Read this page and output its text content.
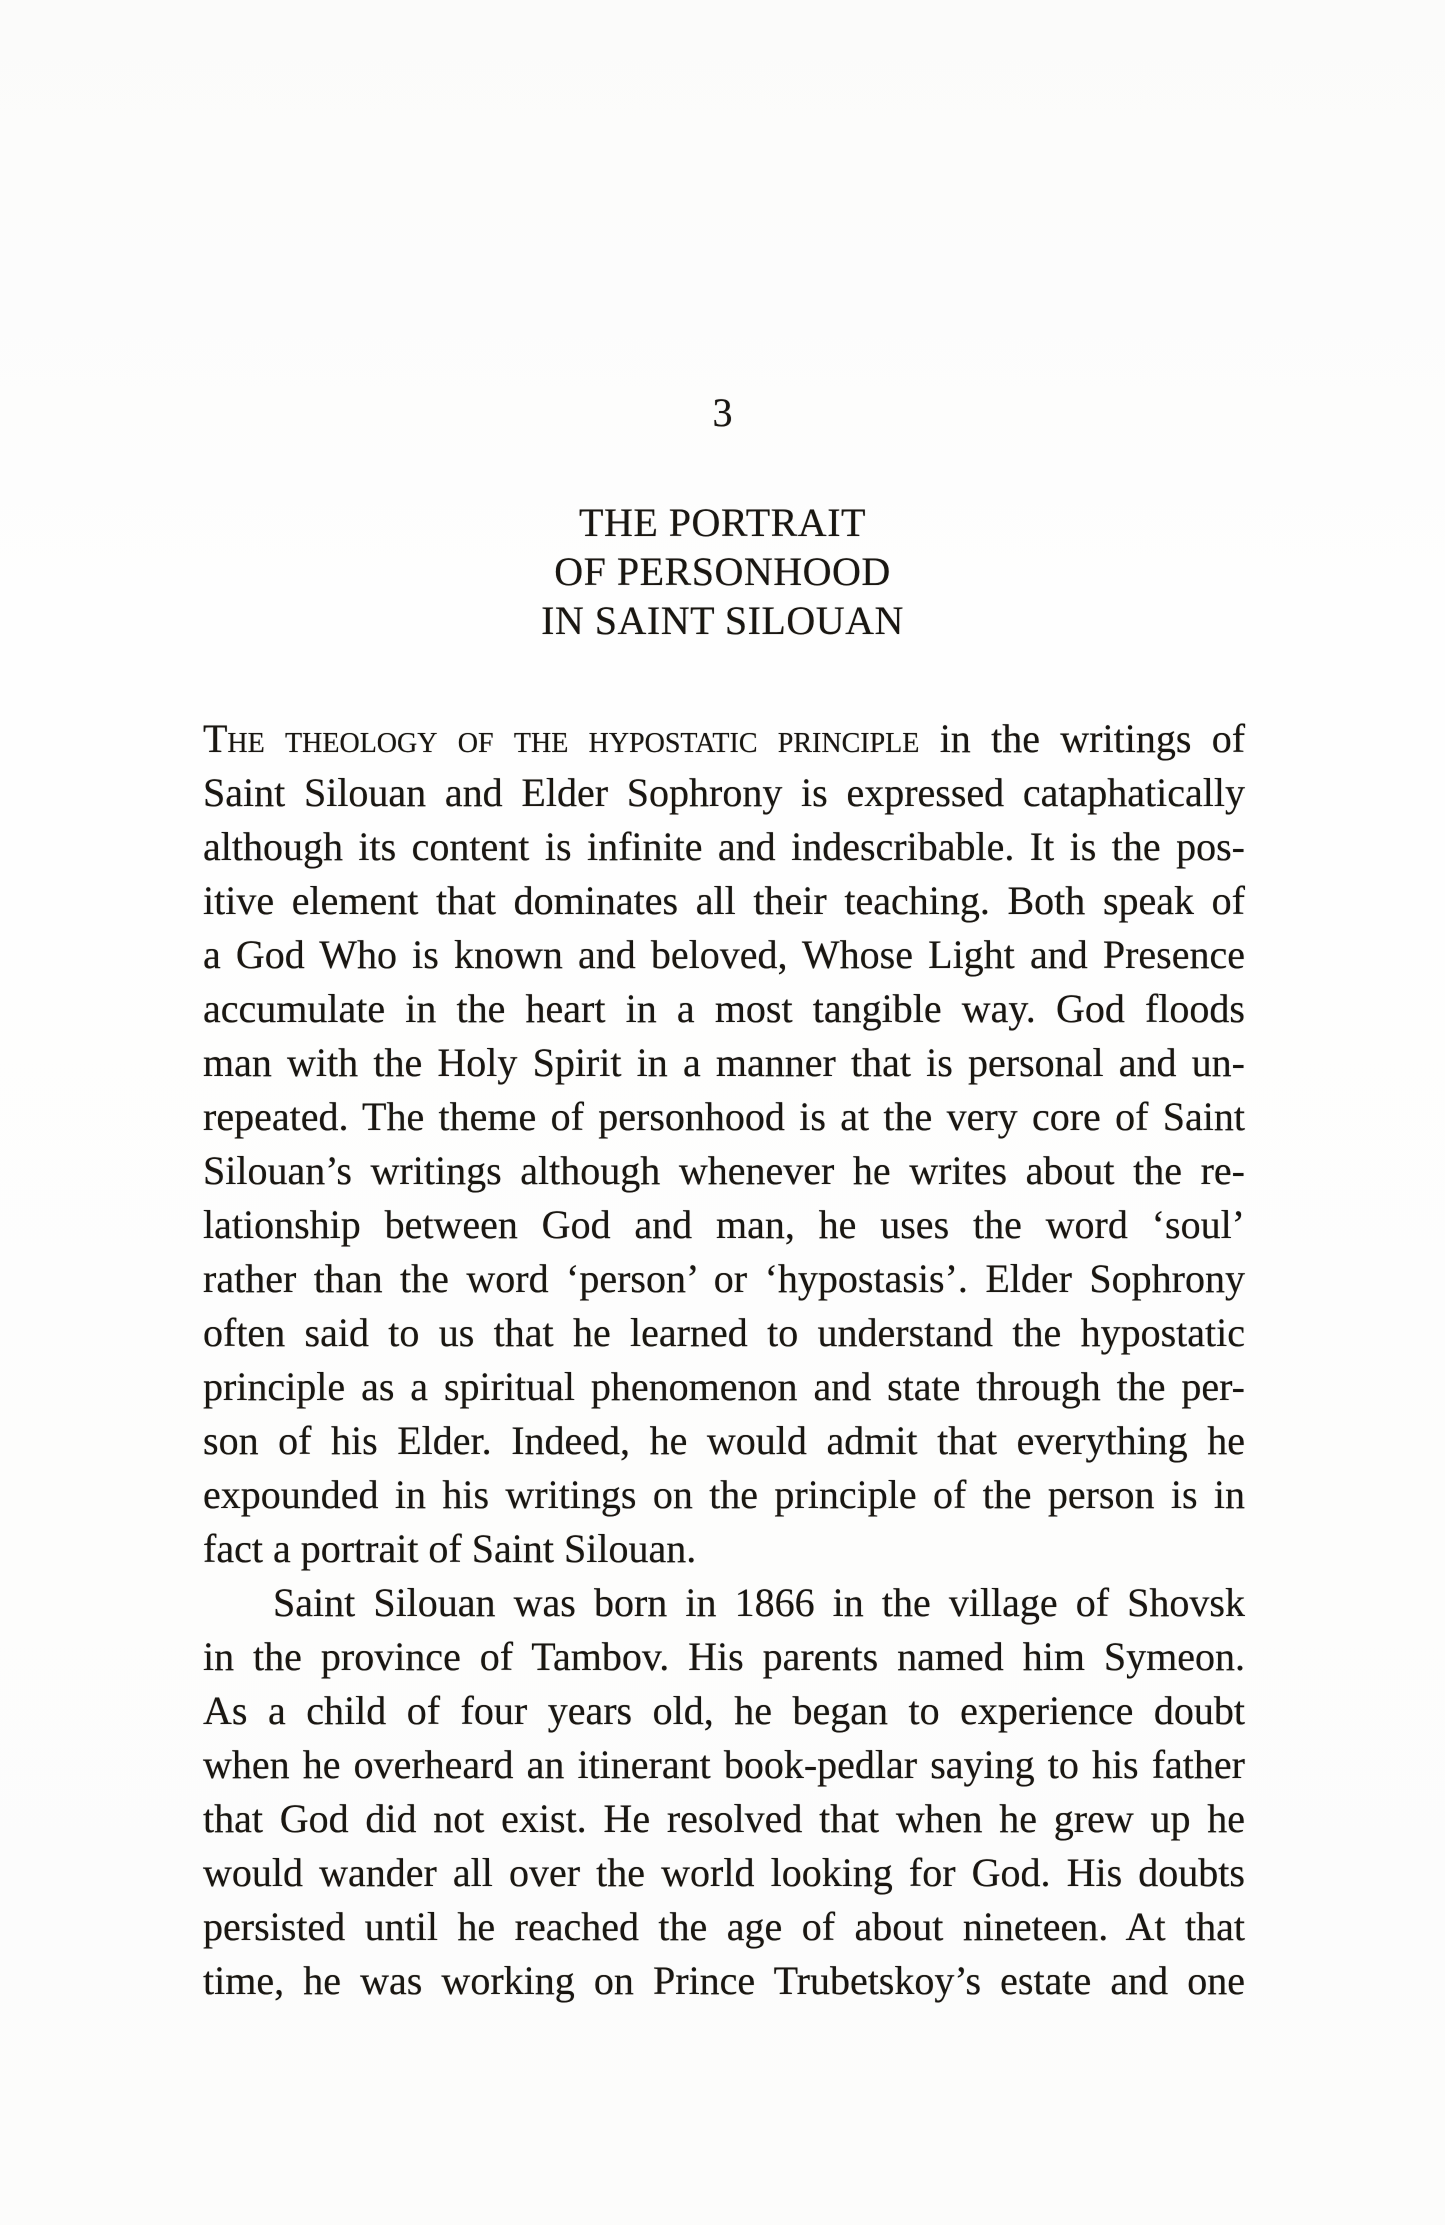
3
THE PORTRAIT
OF PERSONHOOD
IN SAINT SILOUAN
The theology of the hypostatic principle in the writings of
Saint Silouan and Elder Sophrony is expressed cataphatically
although its content is infinite and indescribable. It is the pos-
itive element that dominates all their teaching. Both speak of
a God Who is known and beloved, Whose Light and Presence
accumulate in the heart in a most tangible way. God floods
man with the Holy Spirit in a manner that is personal and un-
repeated. The theme of personhood is at the very core of Saint
Silouan’s writings although whenever he writes about the re-
lationship between God and man, he uses the word ‘soul’
rather than the word ‘person’ or ‘hypostasis’. Elder Sophrony
often said to us that he learned to understand the hypostatic
principle as a spiritual phenomenon and state through the per-
son of his Elder. Indeed, he would admit that everything he
expounded in his writings on the principle of the person is in
fact a portrait of Saint Silouan.
Saint Silouan was born in 1866 in the village of Shovsk
in the province of Tambov. His parents named him Symeon.
As a child of four years old, he began to experience doubt
when he overheard an itinerant book-pedlar saying to his father
that God did not exist. He resolved that when he grew up he
would wander all over the world looking for God. His doubts
persisted until he reached the age of about nineteen. At that
time, he was working on Prince Trubetskoy’s estate and one
